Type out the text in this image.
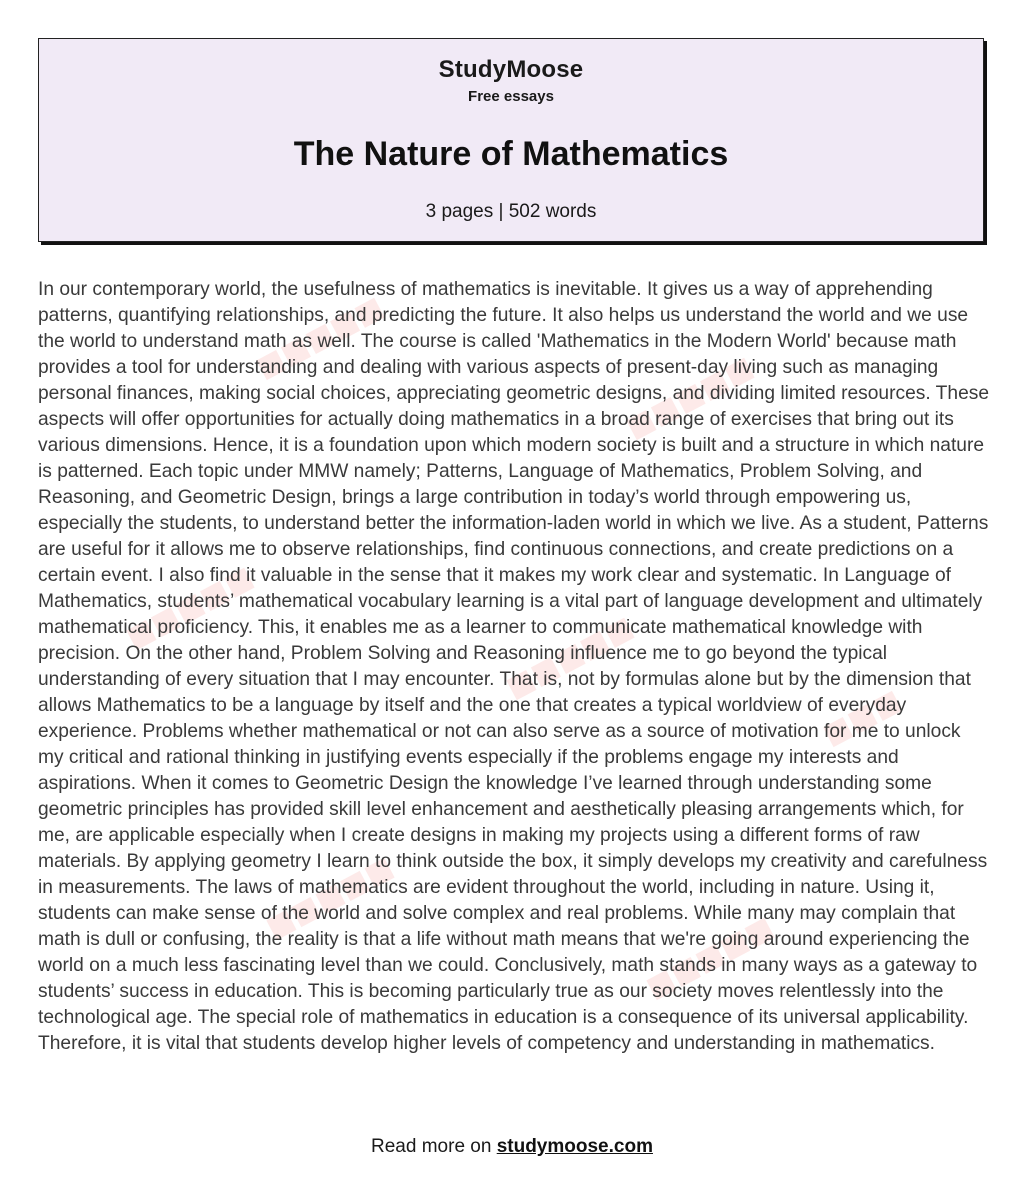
StudyMoose
Free essays
The Nature of Mathematics
3 pages | 502 words
■■■■■
■■■■■
■■■■■	■■■■■
■■■
■■■■■
■■■■■

In our contemporary world, the usefulness of mathematics is inevitable. It gives us a way of apprehending patterns, quantifying relationships, and predicting the future. It also helps us understand the world and we use the world to understand math as well. The course is called 'Mathematics in the Modern World' because math provides a tool for understanding and dealing with various aspects of present-day living such as managing personal finances, making social choices, appreciating geometric designs, and dividing limited resources. These aspects will offer opportunities for actually doing mathematics in a broad range of exercises that bring out its various dimensions. Hence, it is a foundation upon which modern society is built and a structure in which nature is patterned. Each topic under MMW namely; Patterns, Language of Mathematics, Problem Solving, and Reasoning, and Geometric Design, brings a large contribution in today’s world through empowering us, especially the students, to understand better the information-laden world in which we live. As a student, Patterns are useful for it allows me to observe relationships, find continuous connections, and create predictions on a certain event. I also find it valuable in the sense that it makes my work clear and systematic. In Language of Mathematics, students’ mathematical vocabulary learning is a vital part of language development and ultimately mathematical proficiency. This, it enables me as a learner to communicate mathematical knowledge with precision. On the other hand, Problem Solving and Reasoning influence me to go beyond the typical understanding of every situation that I may encounter. That is, not by formulas alone but by the dimension that allows Mathematics to be a language by itself and the one that creates a typical worldview of everyday experience. Problems whether mathematical or not can also serve as a source of motivation for me to unlock my critical and rational thinking in justifying events especially if the problems engage my interests and aspirations. When it comes to Geometric Design the knowledge I’ve learned through understanding some geometric principles has provided skill level enhancement and aesthetically pleasing arrangements which, for me, are applicable especially when I create designs in making my projects using a different forms of raw materials. By applying geometry I learn to think outside the box, it simply develops my creativity and carefulness in measurements. The laws of mathematics are evident throughout the world, including in nature. Using it, students can make sense of the world and solve complex and real problems. While many may complain that math is dull or confusing, the reality is that a life without math means that we're going around experiencing the world on a much less fascinating level than we could. Conclusively, math stands in many ways as a gateway to students’ success in education. This is becoming particularly true as our society moves relentlessly into the technological age. The special role of mathematics in education is a consequence of its universal applicability. Therefore, it is vital that students develop higher levels of competency and understanding in mathematics.

Read more on studymoose.com
